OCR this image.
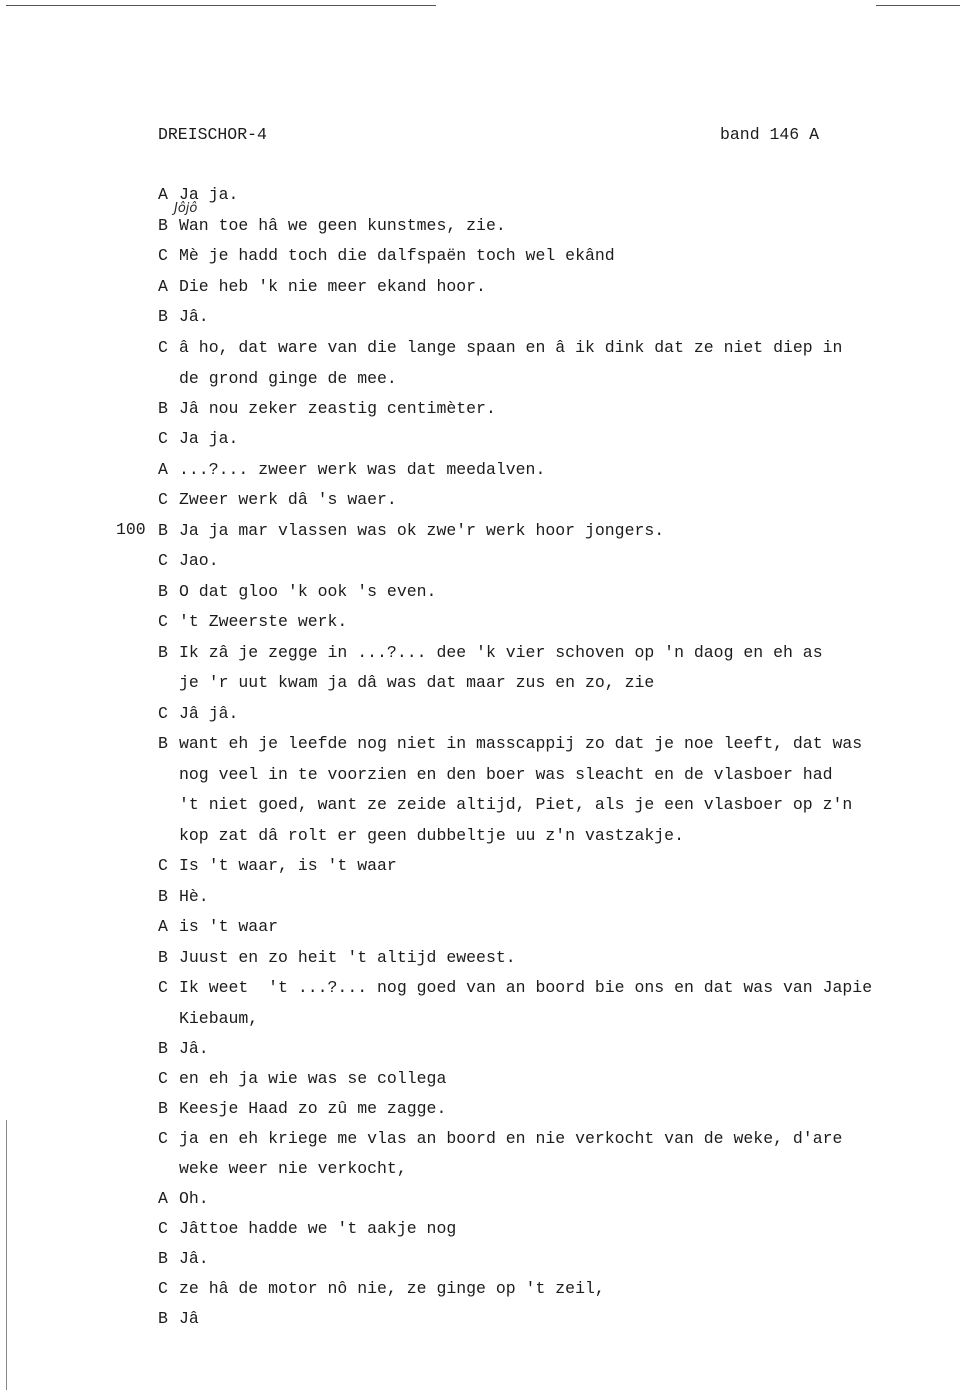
DREISCHOR-4	band 146 A
Jôjô
100
A Ja ja.
B Wan toe hâ we geen kunstmes, zie.
C Mè je hadd toch die dalfspaën toch wel ekând
A Die heb 'k nie meer ekand hoor.
B Jâ.
C â ho, dat ware van die lange spaan en â ik dink dat ze niet diep in
de grond ginge de mee.
B Jâ nou zeker zeastig centimèter.
C Ja ja.
A ...?... zweer werk was dat meedalven.
C Zweer werk dâ 's waer.
B Ja ja mar vlassen was ok zwe'r werk hoor jongers.
C Jao.
B O dat gloo 'k ook 's even.
C 't Zweerste werk.
B Ik zâ je zegge in ...?... dee 'k vier schoven op 'n daog en eh as
je 'r uut kwam ja dâ was dat maar zus en zo, zie
C Jâ jâ.
B want eh je leefde nog niet in masscappij zo dat je noe leeft, dat was
nog veel in te voorzien en den boer was sleacht en de vlasboer had
't niet goed, want ze zeide altijd, Piet, als je een vlasboer op z'n
kop zat dâ rolt er geen dubbeltje uu z'n vastzakje.
C Is 't waar, is 't waar
B Hè.
A is 't waar
B Juust en zo heit 't altijd eweest.
C Ik weet  't ...?... nog goed van an boord bie ons en dat was van Japie
Kiebaum,
B Jâ.
C en eh ja wie was se collega
B Keesje Haad zo zû me zagge.
C ja en eh kriege me vlas an boord en nie verkocht van de weke, d'are
weke weer nie verkocht,
A Oh.
C Jâttoe hadde we 't aakje nog
B Jâ.
C ze hâ de motor nô nie, ze ginge op 't zeil,
B Jâ
